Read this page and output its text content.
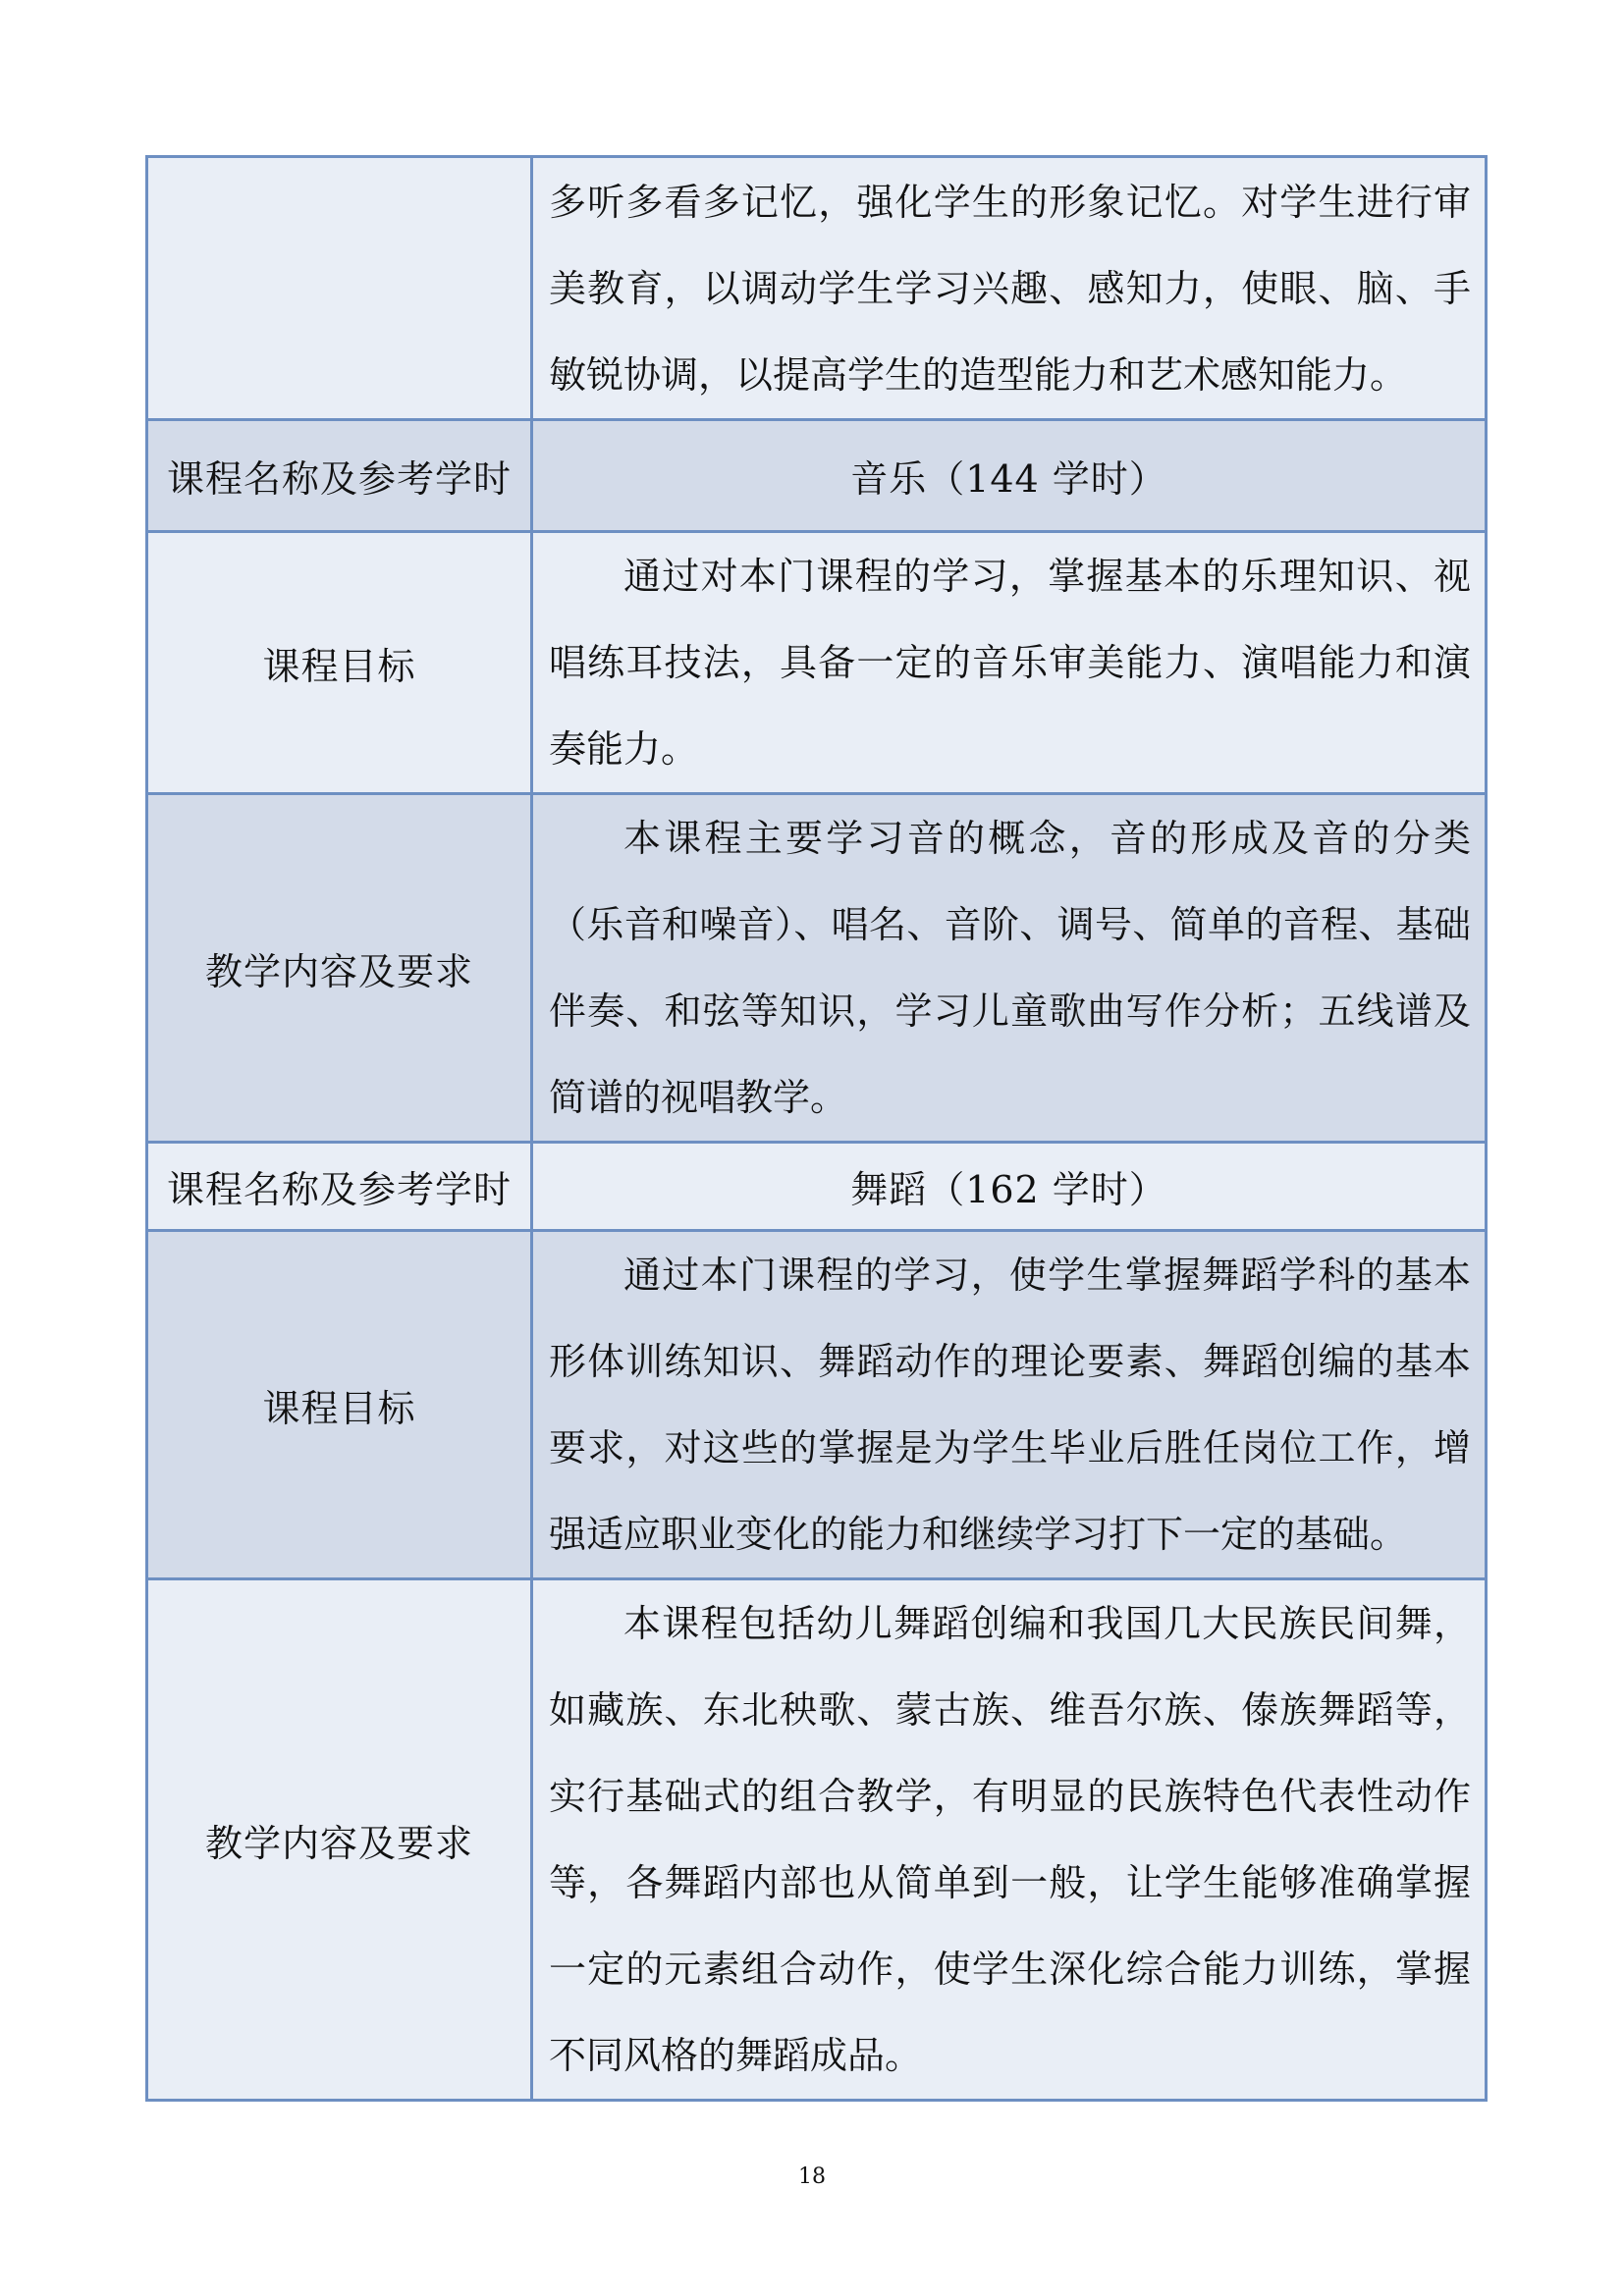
	多听多看多记忆，强化学生的形象记忆。对学生进行审美教育，以调动学生学习兴趣、感知力，使眼、脑、手敏锐协调，以提高学生的造型能力和艺术感知能力。

课程名称及参考学时	音乐（144 学时）
课程目标	通过对本门课程的学习，掌握基本的乐理知识、视唱练耳技法，具备一定的音乐审美能力、演唱能力和演奏能力。

教学内容及要求	本课程主要学习音的概念，音的形成及音的分类（乐音和噪音）、唱名、音阶、调号、简单的音程、基础伴奏、和弦等知识，学习儿童歌曲写作分析；五线谱及简谱的视唱教学。

课程名称及参考学时	舞蹈（162 学时）
课程目标	通过本门课程的学习，使学生掌握舞蹈学科的基本形体训练知识、舞蹈动作的理论要素、舞蹈创编的基本要求，对这些的掌握是为学生毕业后胜任岗位工作，增强适应职业变化的能力和继续学习打下一定的基础。

教学内容及要求	本课程包括幼儿舞蹈创编和我国几大民族民间舞，如藏族、东北秧歌、蒙古族、维吾尔族、傣族舞蹈等，实行基础式的组合教学，有明显的民族特色代表性动作等，各舞蹈内部也从简单到一般，让学生能够准确掌握一定的元素组合动作，使学生深化综合能力训练，掌握不同风格的舞蹈成品。

18
